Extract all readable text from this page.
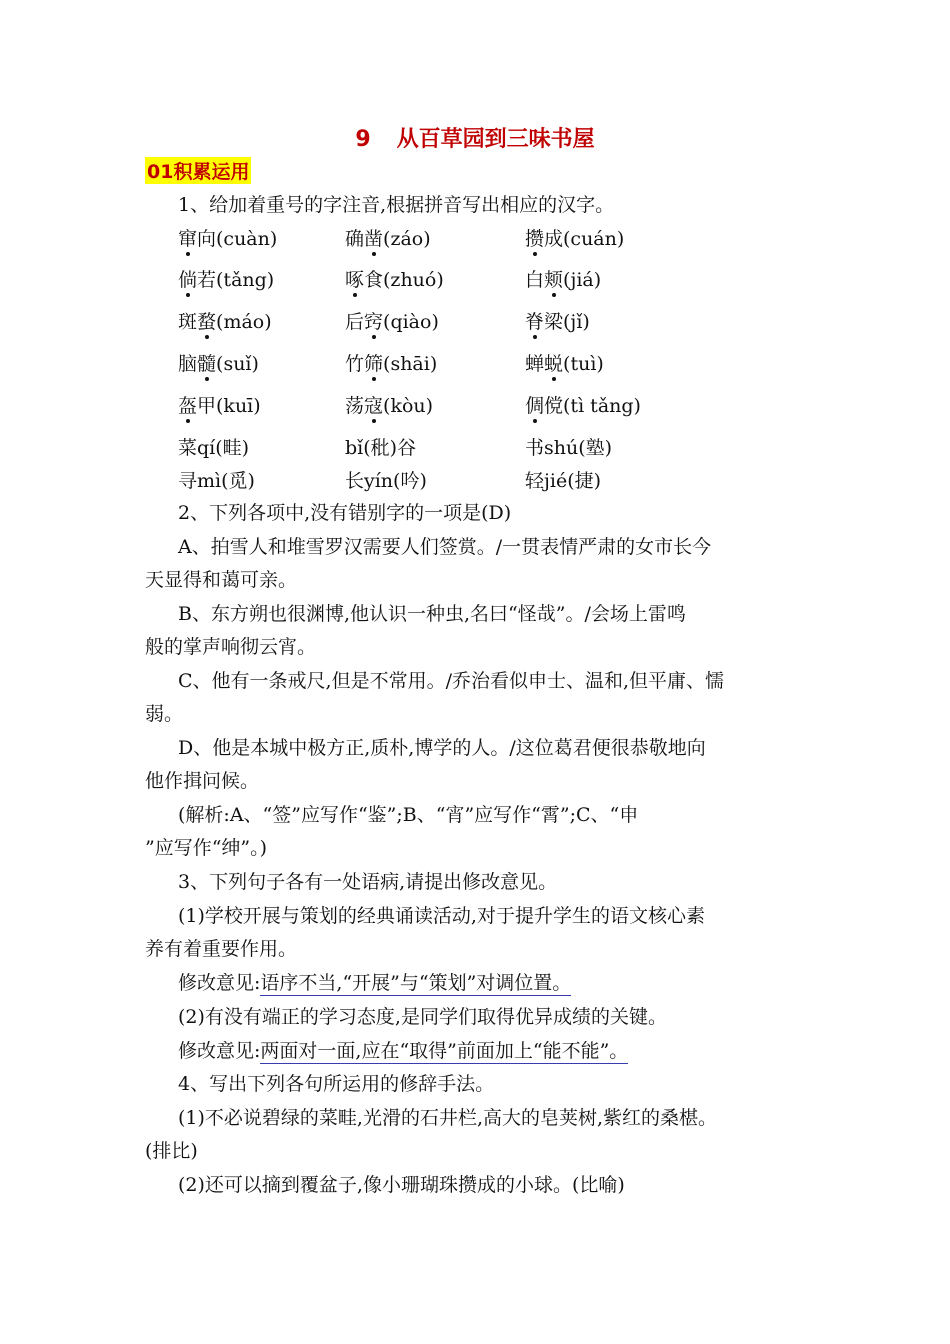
9 从百草园到三味书屋
01积累运用
1、给加着重号的字注音,根据拼音写出相应的汉字。
窜向(cuàn)	确凿(záo)	攒成(cuán)
倘若(tǎng)	啄食(zhuó)	白颊(jiá)
斑蝥(máo)	后窍(qiào)	脊梁(jǐ)
脑髓(suǐ)	竹筛(shāi)	蝉蜕(tuì)
盔甲(kuī)	荡寇(kòu)	倜傥(tì tǎng)
菜qí(畦)	bǐ(秕)谷	书shú(塾)
寻mì(觅)	长yín(吟)	轻jié(捷)
2、下列各项中,没有错别字的一项是(D)
A、拍雪人和堆雪罗汉需要人们签赏。/一贯表情严肃的女市长今
天显得和蔼可亲。
B、东方朔也很渊博,他认识一种虫,名曰“怪哉”。/会场上雷鸣
般的掌声响彻云宵。
C、他有一条戒尺,但是不常用。/乔治看似申士、温和,但平庸、懦
弱。
D、他是本城中极方正,质朴,博学的人。/这位葛君便很恭敬地向
他作揖问候。
(解析:A、“签”应写作“鉴”;B、“宵”应写作“霄”;C、“申
”应写作“绅”。)
3、下列句子各有一处语病,请提出修改意见。
(1)学校开展与策划的经典诵读活动,对于提升学生的语文核心素
养有着重要作用。
修改意见:语序不当,“开展”与“策划”对调位置。
(2)有没有端正的学习态度,是同学们取得优异成绩的关键。
修改意见:两面对一面,应在“取得”前面加上“能不能”。
4、写出下列各句所运用的修辞手法。
(1)不必说碧绿的菜畦,光滑的石井栏,高大的皂荚树,紫红的桑椹。
(排比)
(2)还可以摘到覆盆子,像小珊瑚珠攒成的小球。(比喻)
